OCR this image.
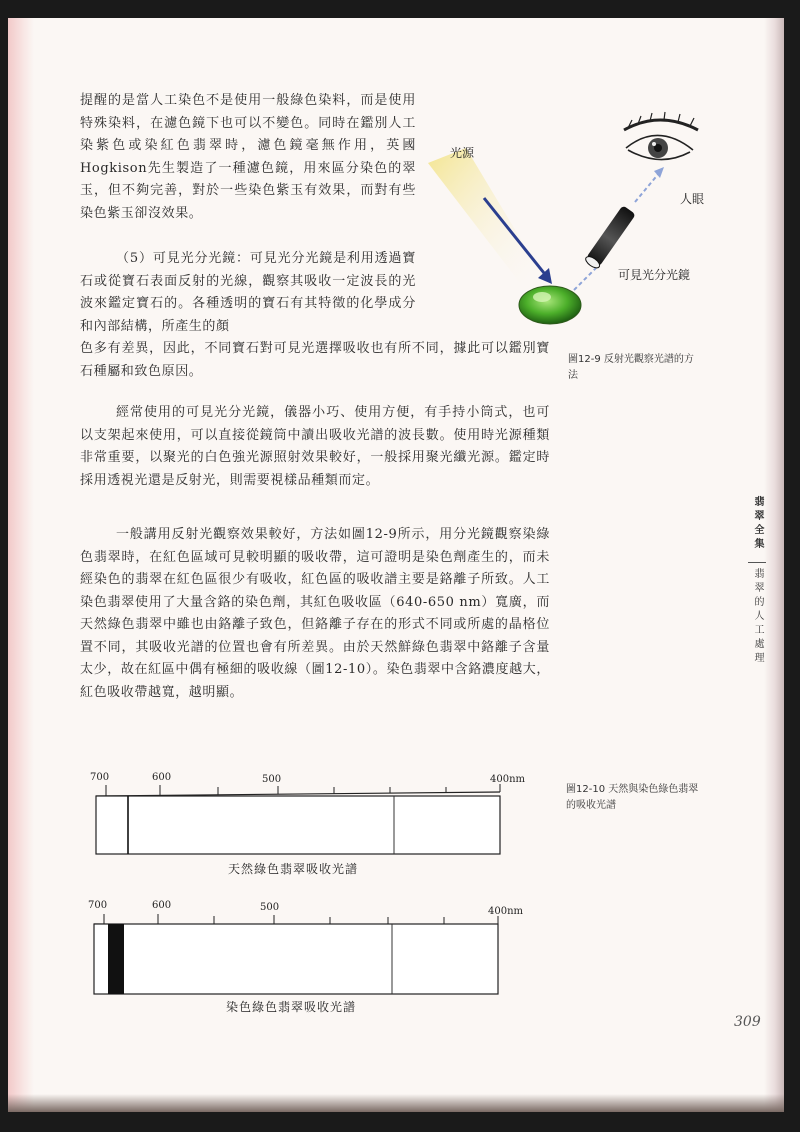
提醒的是當人工染色不是使用一般綠色染料，而是使用特殊染料，在濾色鏡下也可以不變色。同時在鑑別人工染紫色或染紅色翡翠時，濾色鏡毫無作用，英國Hogkison先生製造了一種濾色鏡，用來區分染色的翠玉，但不夠完善，對於一些染色紫玉有效果，而對有些染色紫玉卻沒效果。

（5）可見光分光鏡：可見光分光鏡是利用透過寶石或從寶石表面反射的光線，觀察其吸收一定波長的光波來鑑定寶石的。各種透明的寶石有其特徵的化學成分和內部結構，所產生的顏

色多有差異，因此，不同寶石對可見光選擇吸收也有所不同，據此可以鑑別寶石種屬和致色原因。

經常使用的可見光分光鏡，儀器小巧、使用方便，有手持小筒式，也可以支架起來使用，可以直接從鏡筒中讀出吸收光譜的波長數。使用時光源種類非常重要，以聚光的白色強光源照射效果較好，一般採用聚光纖光源。鑑定時採用透視光還是反射光，則需要視樣品種類而定。

一般講用反射光觀察效果較好，方法如圖12-9所示，用分光鏡觀察染綠色翡翠時，在紅色區域可見較明顯的吸收帶，這可證明是染色劑產生的，而未經染色的翡翠在紅色區很少有吸收，紅色區的吸收譜主要是鉻離子所致。人工染色翡翠使用了大量含鉻的染色劑，其紅色吸收區（640-650 nm）寬廣，而天然綠色翡翠中雖也由鉻離子致色，但鉻離子存在的形式不同或所處的晶格位置不同，其吸收光譜的位置也會有所差異。由於天然鮮綠色翡翠中鉻離子含量太少，故在紅區中偶有極細的吸收線（圖12-10）。染色翡翠中含鉻濃度越大，紅色吸收帶越寬，越明顯。

光源
人眼
可見光分光鏡
圖12-9 反射光觀察光譜的方法
翡翠全集
翡翠的人工處理
圖12-10 天然與染色綠色翡翠的吸收光譜
700	600	500	400nm
天然綠色翡翠吸收光譜
700	600	500	400nm
染色綠色翡翠吸收光譜
309
